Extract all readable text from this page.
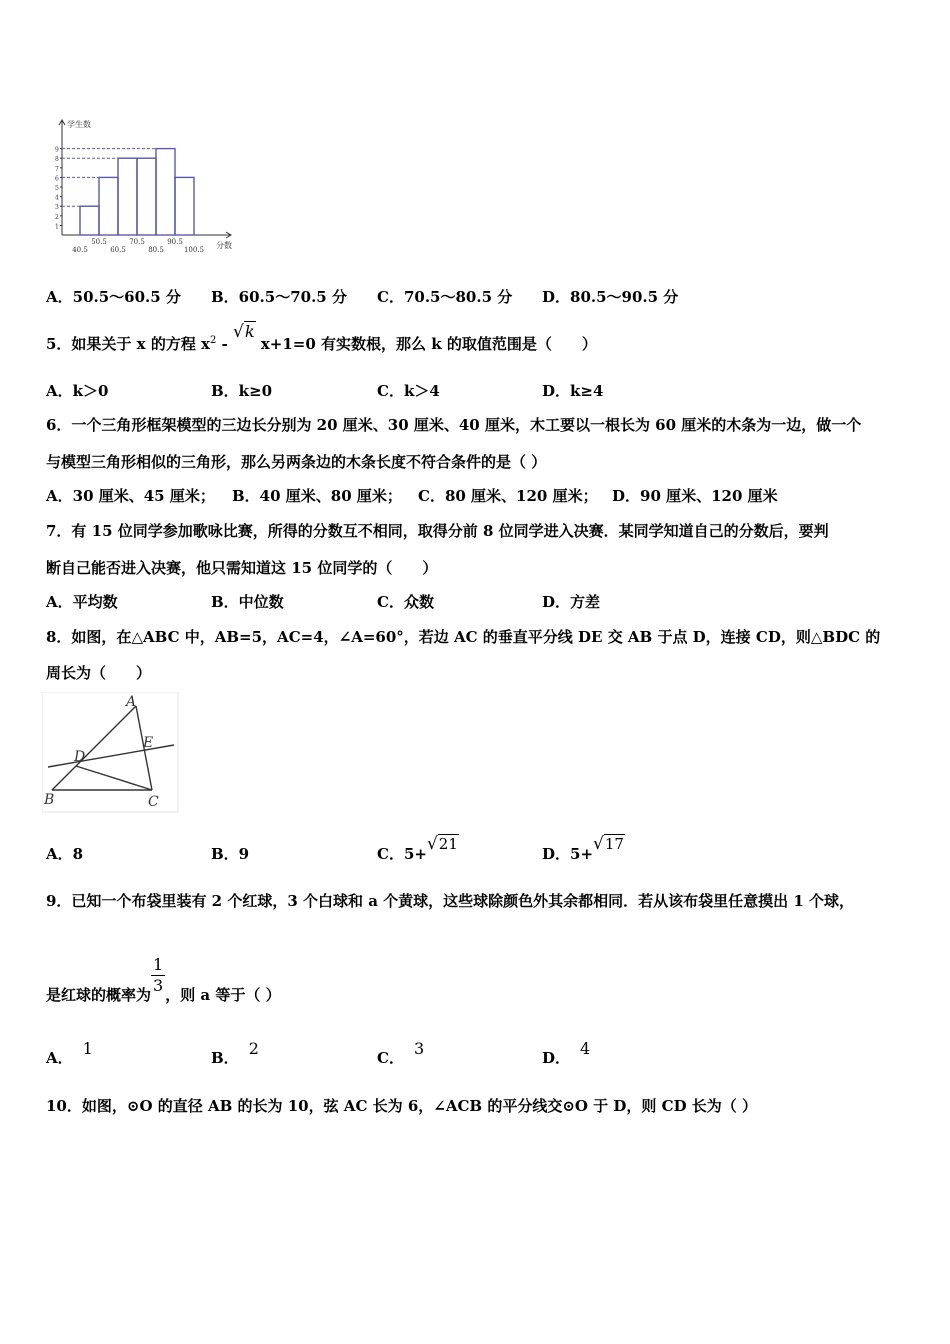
1
2
3
4
5
6
7
8
9
40.5	60.5	80.5	100.5
50.5	70.5	90.5
学生数
分数
A．50.5～60.5 分 B．60.5～70.5 分 C．70.5～80.5 分 D．80.5～90.5 分
5．如果关于 x 的方程 $x^2 - √k$ x+1=0 有实数根，那么 k 的取值范围是（　　）
A．k＞0	B．k≥0	C．k＞4	D．k≥4
6．一个三角形框架模型的三边长分别为 20 厘米、30 厘米、40 厘米，木工要以一根长为 60 厘米的木条为一边，做一个
与模型三角形相似的三角形，那么另两条边的木条长度不符合条件的是（ ）
A．30 厘米、45 厘米； B．40 厘米、80 厘米； C．80 厘米、120 厘米； D．90 厘米、120 厘米
7．有 15 位同学参加歌咏比赛，所得的分数互不相同，取得分前 8 位同学进入决赛．某同学知道自己的分数后，要判
断自己能否进入决赛，他只需知道这 15 位同学的（　　）
A．平均数	B．中位数	C．众数	D．方差
8．如图，在△ABC 中，AB=5，AC=4，∠A=60°，若边 AC 的垂直平分线 DE 交 AB 于点 D，连接 CD，则△BDC 的
周长为（　　）
A
B	C
D
E
A．8	B．9	C．5+√21
D．5+√17
9．已知一个布袋里装有 2 个红球，3 个白球和 a 个黄球，这些球除颜色外其余都相同．若从该布袋里任意摸出 1 个球，
是红球的概率为 $\frac{1}{3}$ ，则 a 等于（ ）
A． 1	B． 2	C． 3	D． 4
10．如图，⊙O 的直径 AB 的长为 10，弦 AC 长为 6，∠ACB 的平分线交⊙O 于 D，则 CD 长为（ ）
